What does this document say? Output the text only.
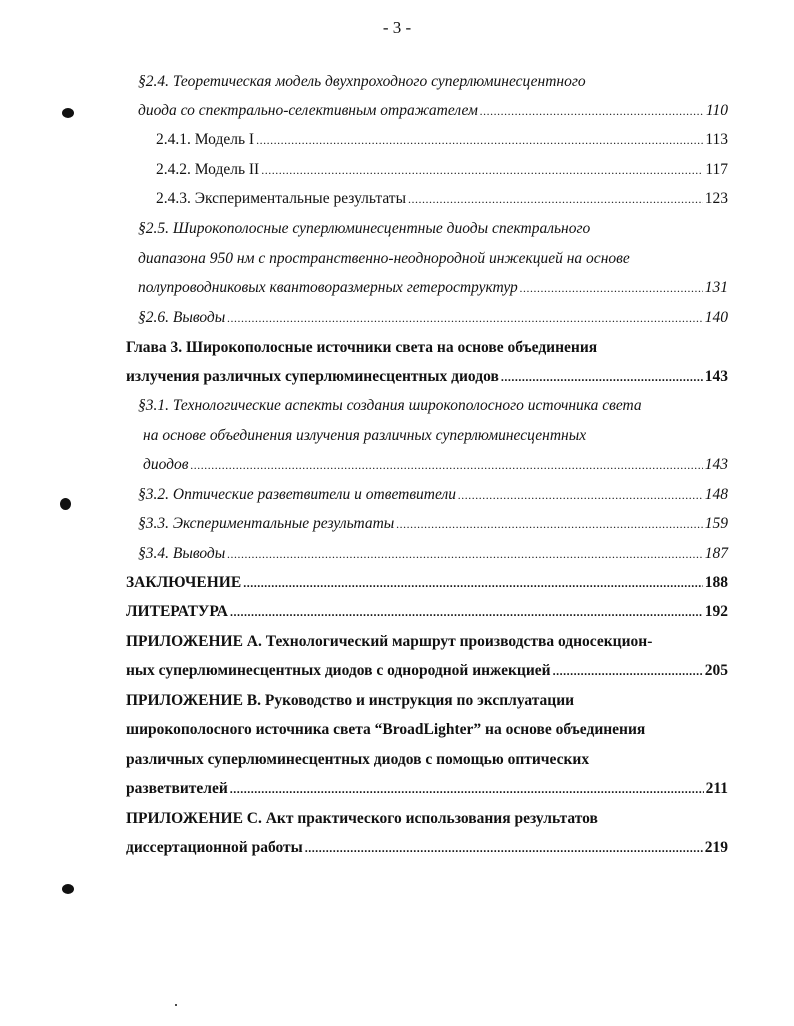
- 3 -
§2.4. Теоретическая модель двухпроходного суперлюминесцентного
диода со спектрально-селективным отражателем .....	110
2.4.1. Модель I .....	113
2.4.2. Модель II .....	117
2.4.3. Экспериментальные результаты .....	123
§2.5. Широкополосные суперлюминесцентные диоды спектрального
диапазона 950 нм с пространственно-неоднородной инжекцией на основе
полупроводниковых квантоворазмерных гетероструктур .....	131
§2.6. Выводы .....	140
Глава 3. Широкополосные источники света на основе объединения
излучения различных суперлюминесцентных диодов .....	143
§3.1. Технологические аспекты создания широкополосного источника света
на основе объединения излучения различных суперлюминесцентных
диодов .....	143
§3.2. Оптические разветвители и ответвители .....	148
§3.3. Экспериментальные результаты .....	159
§3.4. Выводы .....	187
ЗАКЛЮЧЕНИЕ .....	188
ЛИТЕРАТУРА .....	192
ПРИЛОЖЕНИЕ А. Технологический маршрут производства односекцион-
ных суперлюминесцентных диодов с однородной инжекцией .....	205
ПРИЛОЖЕНИЕ В. Руководство и инструкция по эксплуатации
широкополосного источника света “BroadLighter” на основе объединения
различных суперлюминесцентных диодов с помощью оптических
разветвителей .....	211
ПРИЛОЖЕНИЕ С. Акт практического использования результатов
диссертационной работы .....	219
